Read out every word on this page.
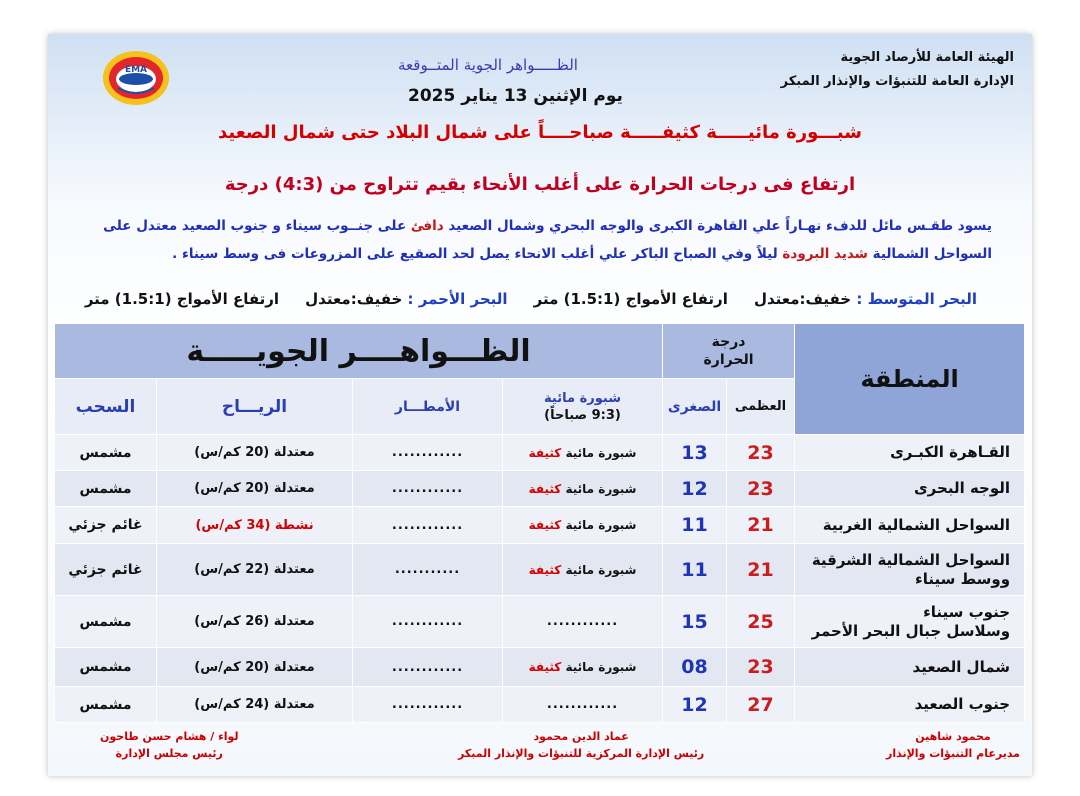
الهيئة العامة للأرصاد الجوية
الإدارة العامة للتنبؤات والإنذار المبكر
EMA	الظـــــواهر الجوية المتــوقعة
يوم الإثنين 13 يناير 2025
شبـــورة مائيـــــة كثيفـــــة صباحــــاً على شمال البلاد حتى شمال الصعيد
ارتفاع فى درجات الحرارة على أغلب الأنحاء بقيم تتراوح من (4:3) درجة
يسود طقـس مائل للدفء نهـاراً علي القاهرة الكبرى والوجه البحري وشمال الصعيد دافئ على جنــوب سيناء و جنوب الصعيد معتدل على السواحل الشمالية شديد البرودة ليلاً وفي الصباح الباكر علي أغلب الانحاء يصل لحد الصقيع على المزروعات فى وسط سيناء .
البحر المتوسط : خفيف:معتدل     ارتفاع الأمواج (1.5:1) متر     البحر الأحمر : خفيف:معتدل     ارتفاع الأمواج (1.5:1) متر
المنطقة	درجة
الحرارة		الظـــواهــــر الجويـــــة			
	العظمى	الصغرى	شبورة مائية
(9:3 صباحاً)	الأمطـــار	الريـــاح	السحب
القـاهرة الكبـرى	23	13	شبورة مائية كثيفة	............	معتدلة (20 كم/س)	مشمس
الوجه البحرى	23	12	شبورة مائية كثيفة	............	معتدلة (20 كم/س)	مشمس
السواحل الشمالية الغربية	21	11	شبورة مائية كثيفة	............	نشطة (34 كم/س)	غائم جزئي
السواحل الشمالية الشرقية
ووسط سيناء	21	11	شبورة مائية كثيفة	...........	معتدلة (22 كم/س)	غائم جزئي
جنوب سيناء
وسلاسل جبال البحر الأحمر	25	15	............	............	معتدلة (26 كم/س)	مشمس
شمال الصعيد	23	08	شبورة مائية كثيفة	............	معتدلة (20 كم/س)	مشمس
جنوب الصعيد	27	12	............	............	معتدلة (24 كم/س)	مشمس
محمود شاهين
مديرعام التنبؤات والإنذار
عماد الدين محمود
رئيس الإدارة المركزية للتنبؤات والإنذار المبكر
لواء / هشام حسن طاحون
رئيس مجلس الإدارة
